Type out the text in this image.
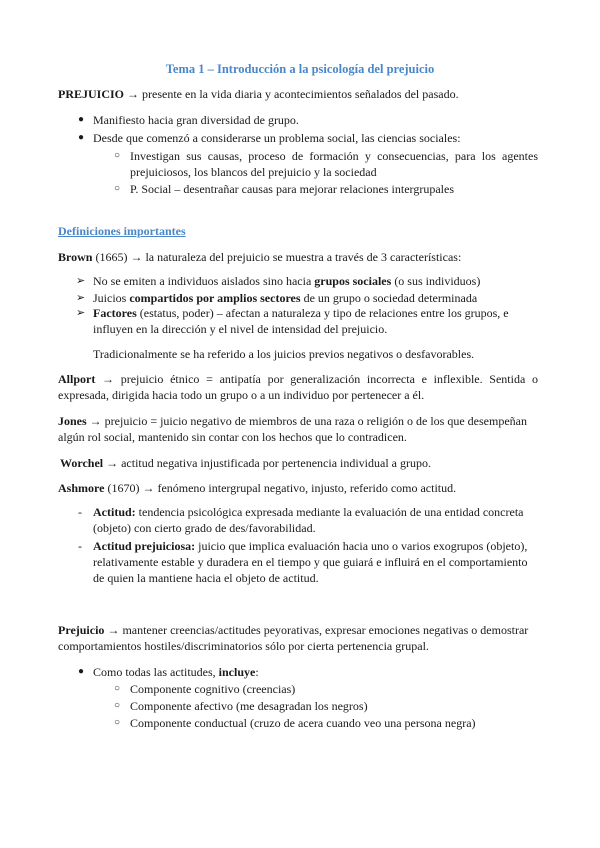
Tema 1 – Introducción a la psicología del prejuicio
PREJUICIO → presente en la vida diaria y acontecimientos señalados del pasado.
● Manifiesto hacia gran diversidad de grupo.
● Desde que comenzó a considerarse un problema social, las ciencias sociales:
○ Investigan sus causas, proceso de formación y consecuencias, para los agentes
prejuiciosos, los blancos del prejuicio y la sociedad
○ P. Social – desentrañar causas para mejorar relaciones intergrupales
Definiciones importantes
Brown (1665) → la naturaleza del prejuicio se muestra a través de 3 características:
➢ No se emiten a individuos aislados sino hacia grupos sociales (o sus individuos)
➢ Juicios compartidos por amplios sectores de un grupo o sociedad determinada
➢ Factores (estatus, poder) – afectan a naturaleza y tipo de relaciones entre los grupos, e
influyen en la dirección y el nivel de intensidad del prejuicio.
Tradicionalmente se ha referido a los juicios previos negativos o desfavorables.
Allport → prejuicio étnico = antipatía por generalización incorrecta e inflexible. Sentida o
expresada, dirigida hacia todo un grupo o a un individuo por pertenecer a él.
Jones → prejuicio = juicio negativo de miembros de una raza o religión o de los que desempeñan
algún rol social, mantenido sin contar con los hechos que lo contradicen.
Worchel → actitud negativa injustificada por pertenencia individual a grupo.
Ashmore (1670) → fenómeno intergrupal negativo, injusto, referido como actitud.
- Actitud: tendencia psicológica expresada mediante la evaluación de una entidad concreta
(objeto) con cierto grado de des/favorabilidad.
- Actitud prejuiciosa: juicio que implica evaluación hacia uno o varios exogrupos (objeto),
relativamente estable y duradera en el tiempo y que guiará e influirá en el comportamiento
de quien la mantiene hacia el objeto de actitud.
Prejuicio → mantener creencias/actitudes peyorativas, expresar emociones negativas o demostrar
comportamientos hostiles/discriminatorios sólo por cierta pertenencia grupal.
● Como todas las actitudes, incluye:
○ Componente cognitivo (creencias)
○ Componente afectivo (me desagradan los negros)
○ Componente conductual (cruzo de acera cuando veo una persona negra)
